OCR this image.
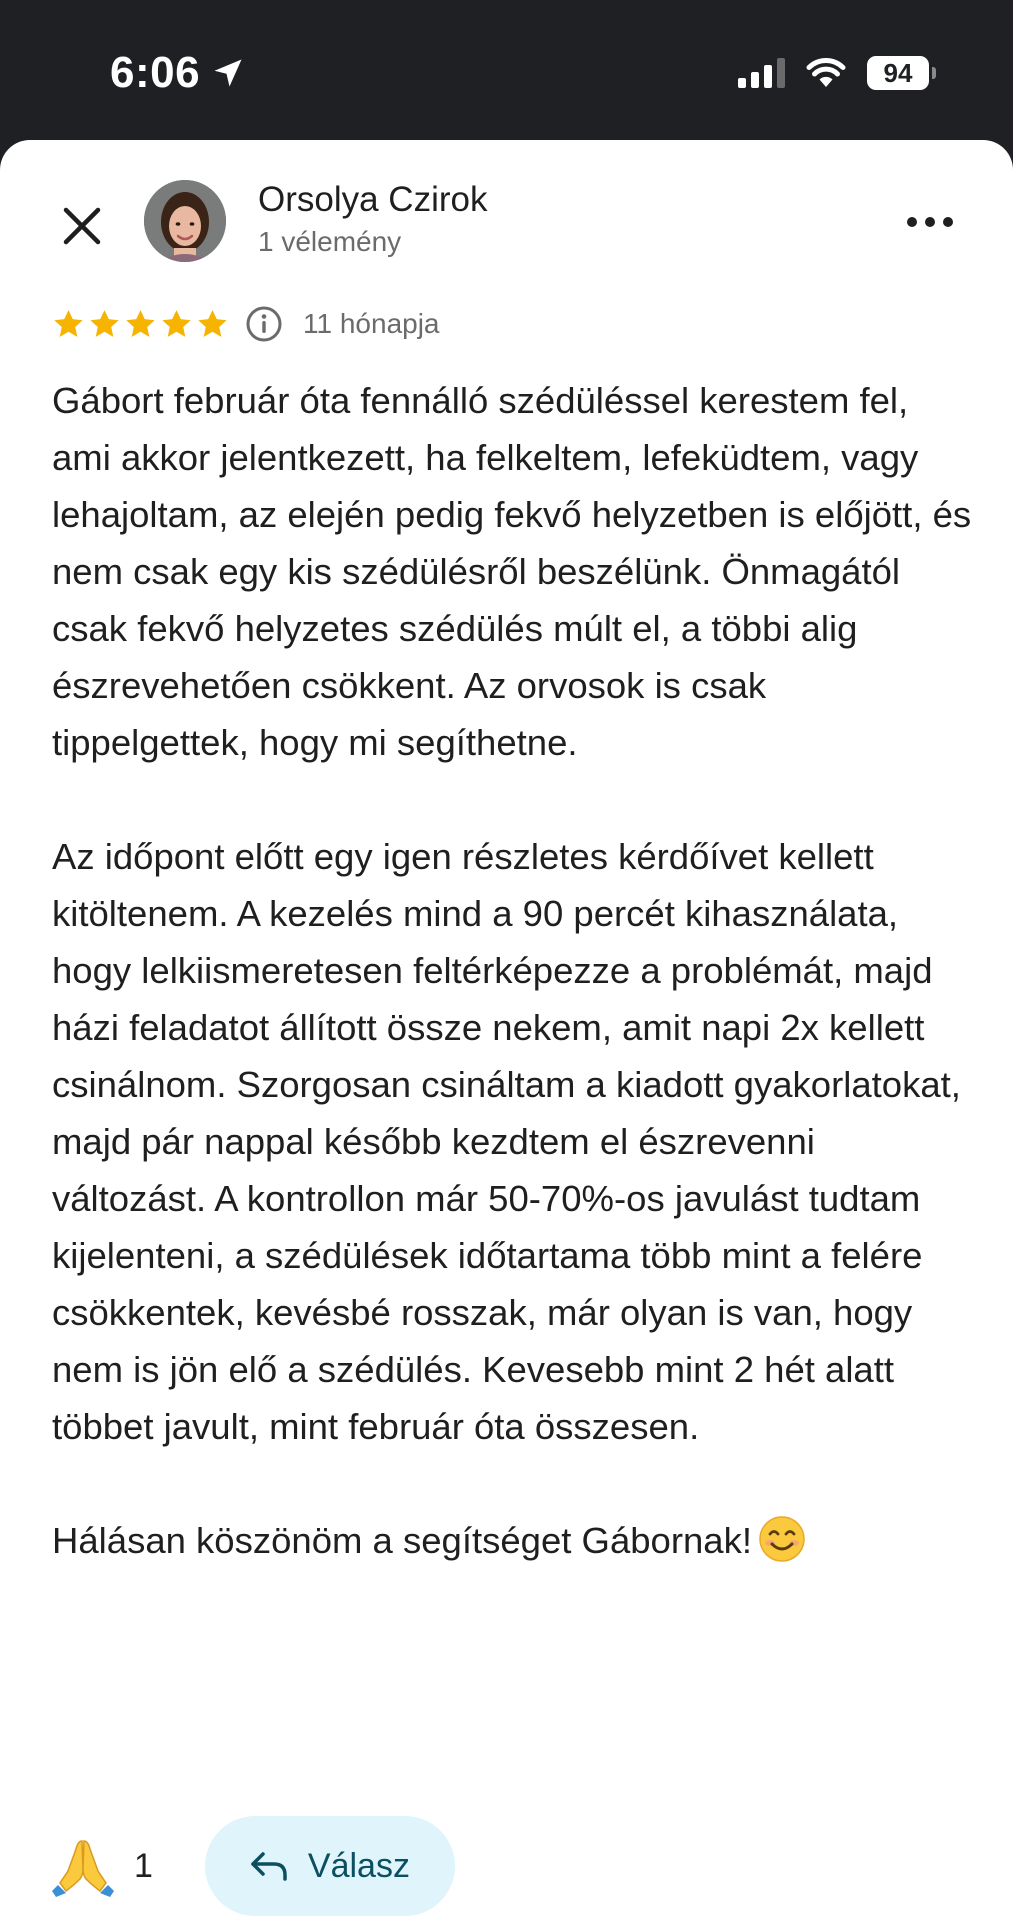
6:06	94
Orsolya Czirok
1 vélemény
11 hónapja

Gábort február óta fennálló szédüléssel kerestem fel, ami akkor jelentkezett, ha felkeltem, lefeküdtem, vagy lehajoltam, az elején pedig fekvő helyzetben is előjött, és nem csak egy kis szédülésről beszélünk. Önmagától csak fekvő helyzetes szédülés múlt el, a többi alig észrevehetően csökkent. Az orvosok is csak tippelgettek, hogy mi segíthetne.

Az időpont előtt egy igen részletes kérdőívet kellett kitöltenem. A kezelés mind a 90 percét kihasználata, hogy lelkiismeretesen feltérképezze a problémát, majd házi feladatot állított össze nekem, amit napi 2x kellett csinálnom. Szorgosan csináltam a kiadott gyakorlatokat, majd pár nappal később kezdtem el észrevenni változást. A kontrollon már 50-70%-os javulást tudtam kijelenteni, a szédülések időtartama több mint a felére csökkentek, kevésbé rosszak, már olyan is van, hogy nem is jön elő a szédülés. Kevesebb mint 2 hét alatt többet javult, mint február óta összesen.

Hálásan köszönöm a segítséget Gábornak!

1	Válasz
